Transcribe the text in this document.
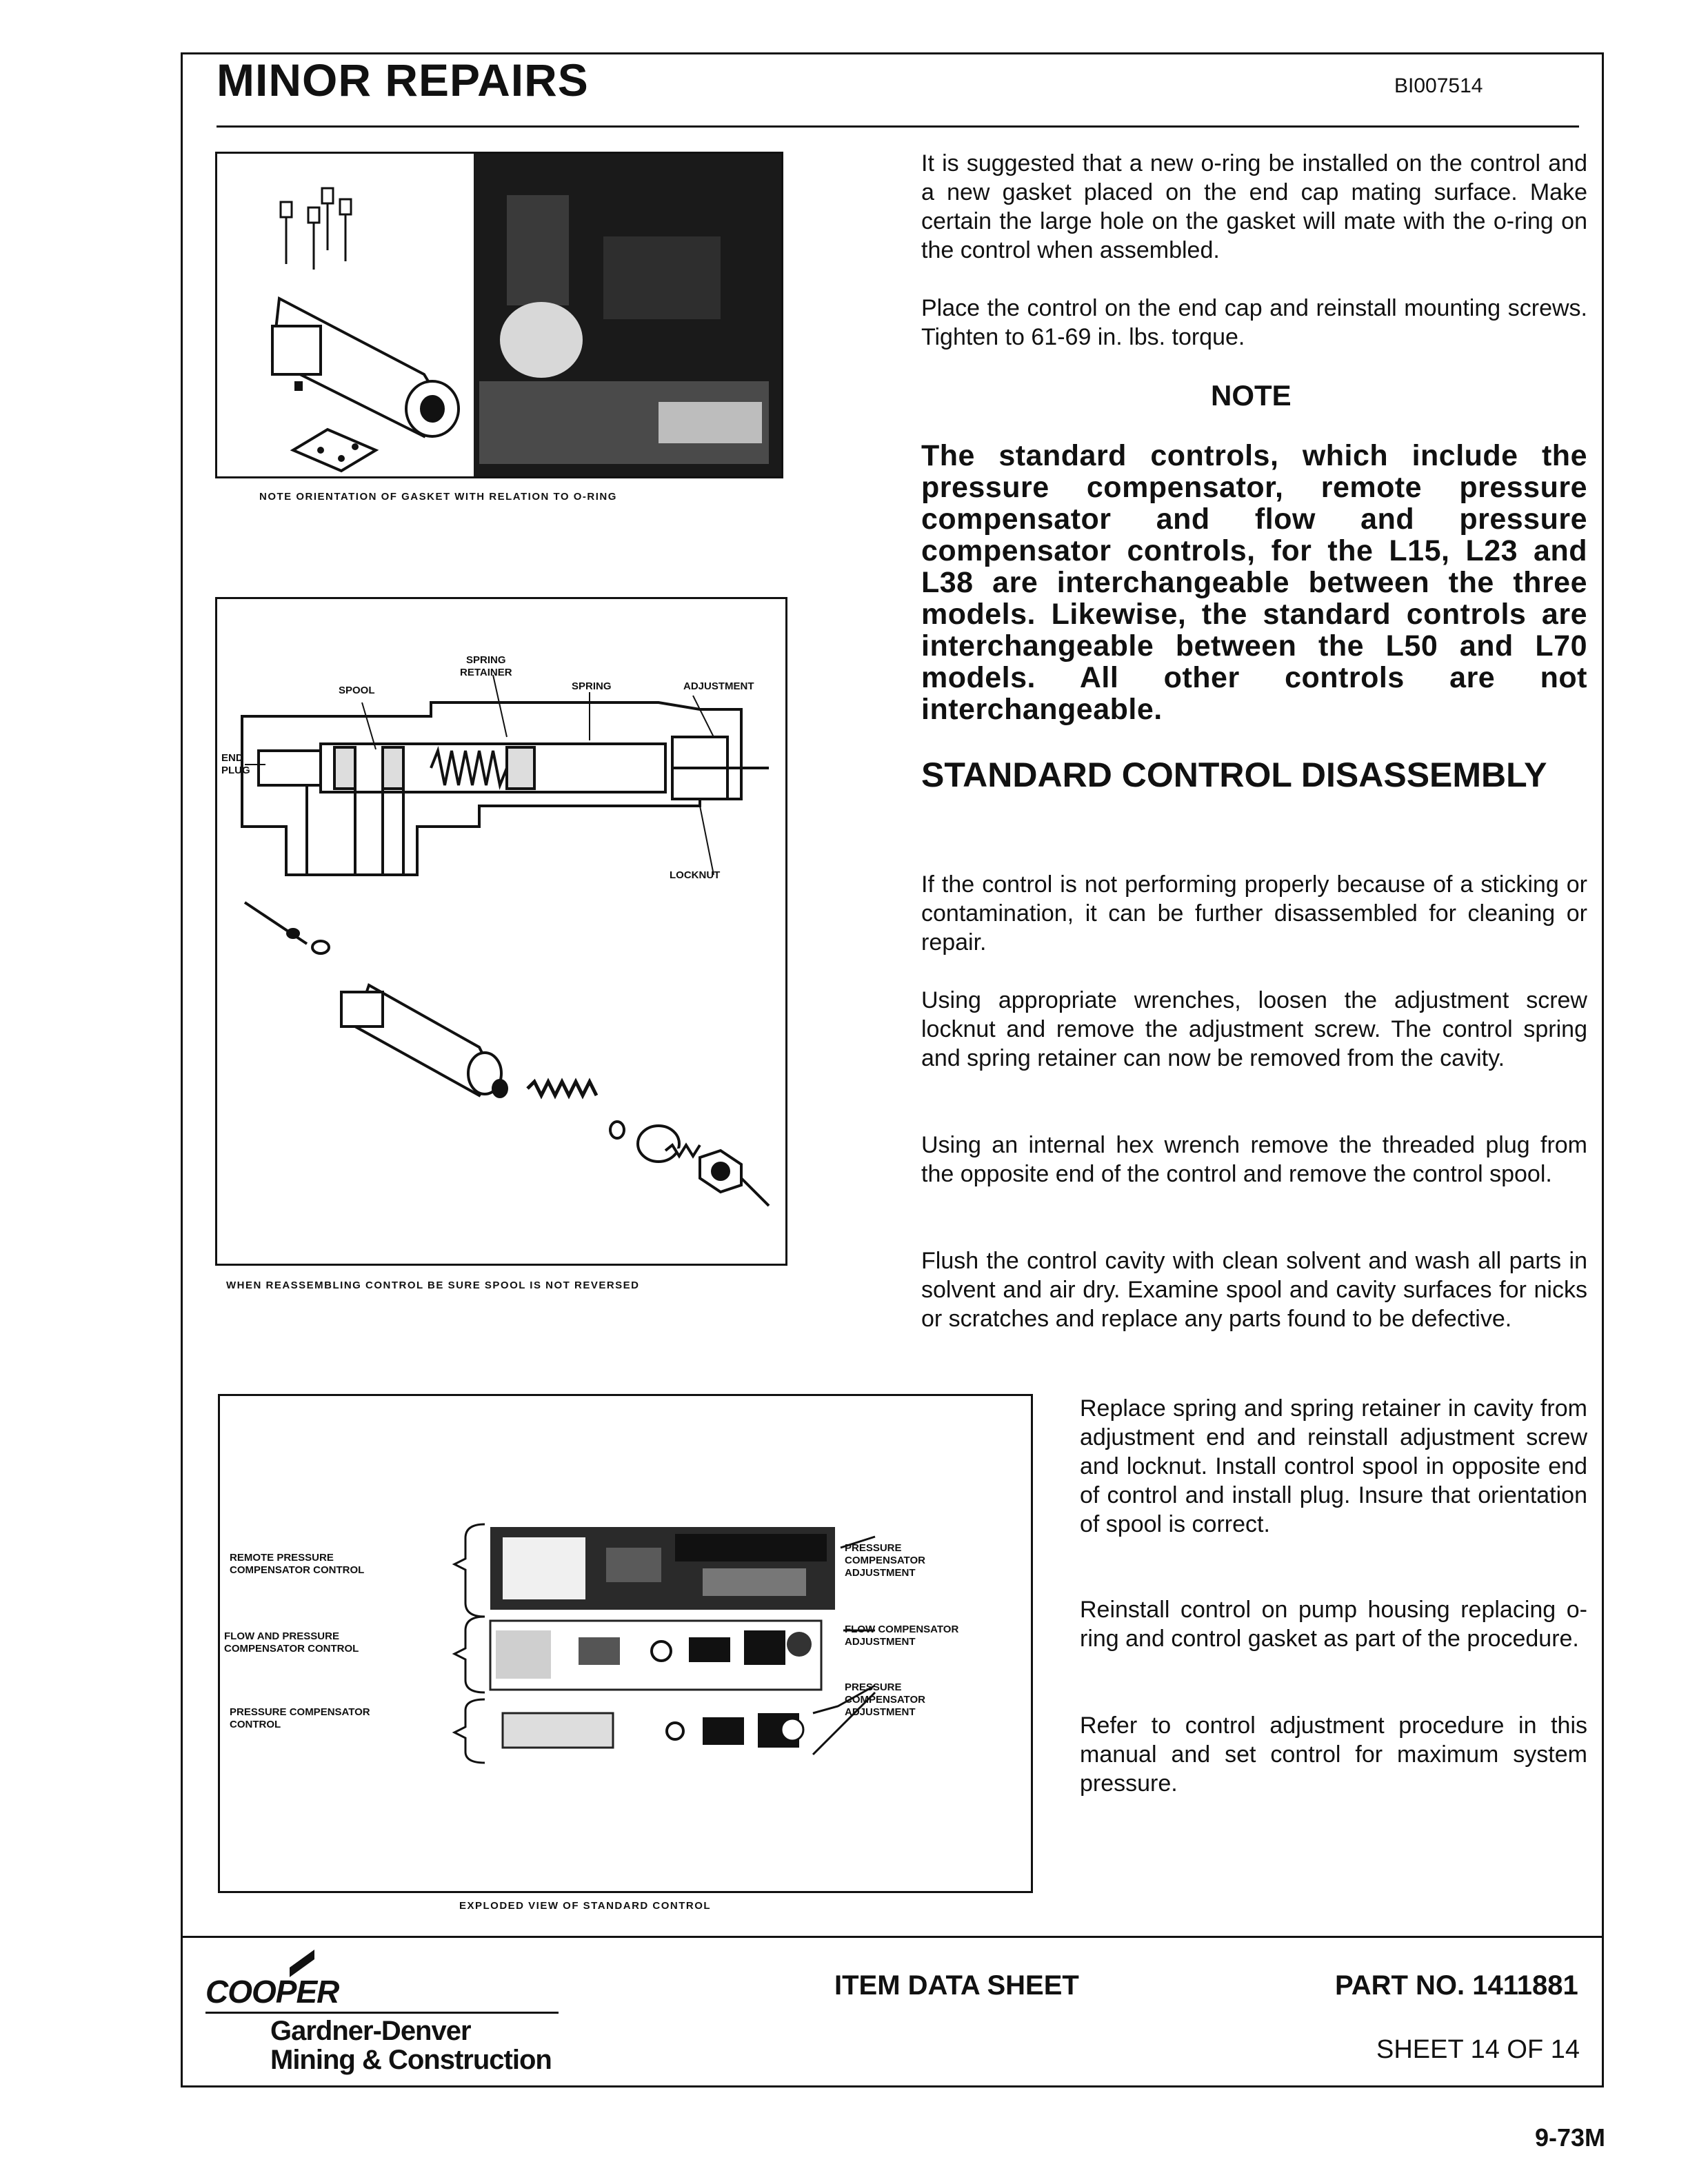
MINOR REPAIRS	BI007514

NOTE ORIENTATION OF GASKET WITH RELATION TO O-RING

SPRING
RETAINER
SPOOL	SPRING	ADJUSTMENT
END
PLUG
LOCKNUT

WHEN REASSEMBLING CONTROL BE SURE SPOOL IS NOT REVERSED

REMOTE PRESSURE
COMPENSATOR CONTROL
FLOW AND PRESSURE
COMPENSATOR CONTROL
PRESSURE COMPENSATOR
CONTROL
PRESSURE
COMPENSATOR
ADJUSTMENT
FLOW COMPENSATOR
ADJUSTMENT
PRESSURE
COMPENSATOR
ADJUSTMENT

EXPLODED VIEW OF STANDARD CONTROL

It is suggested that a new o-ring be installed on the control and a new gasket placed on the end cap mating surface. Make certain the large hole on the gasket will mate with the o-ring on the control when assembled.

Place the control on the end cap and reinstall mounting screws. Tighten to 61-69 in. lbs. torque.

NOTE

The standard controls, which include the pressure compensator, remote pressure compensator and flow and pressure compensator controls, for the L15, L23 and L38 are interchangeable between the three models. Likewise, the standard controls are interchangeable between the L50 and L70 models. All other controls are not interchangeable.

STANDARD CONTROL DISASSEMBLY

If the control is not performing properly because of a sticking or contamination, it can be further disassembled for cleaning or repair.

Using appropriate wrenches, loosen the adjustment screw locknut and remove the adjustment screw. The control spring and spring retainer can now be removed from the cavity.

Using an internal hex wrench remove the threaded plug from the opposite end of the control and remove the control spool.

Flush the control cavity with clean solvent and wash all parts in solvent and air dry. Examine spool and cavity surfaces for nicks or scratches and replace any parts found to be defective.

Replace spring and spring retainer in cavity from adjustment end and reinstall adjustment screw and locknut. Install control spool in opposite end of control and install plug. Insure that orientation of spool is correct.

Reinstall control on pump housing replacing o-ring and control gasket as part of the procedure.

Refer to control adjustment procedure in this manual and set control for maximum system pressure.

COOPER
Gardner-Denver
Mining & Construction
ITEM DATA SHEET	PART NO. 1411881
SHEET 14 OF 14
9-73M
